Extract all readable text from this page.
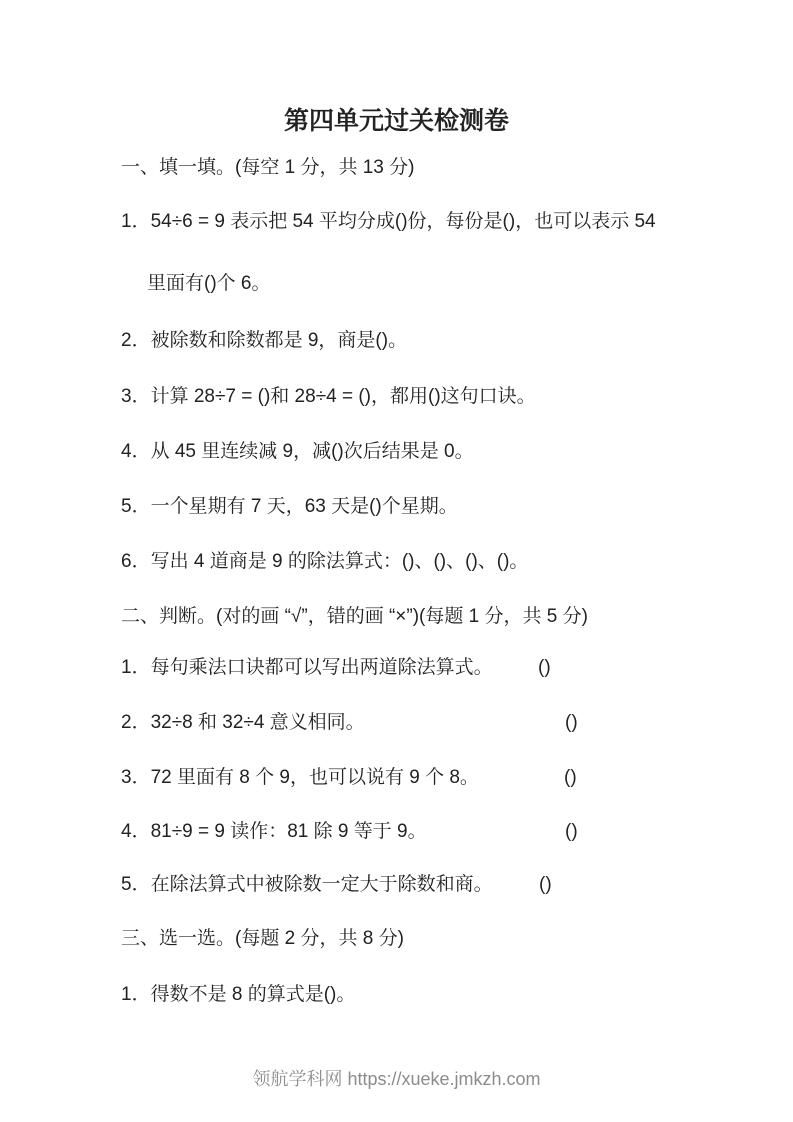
第四单元过关检测卷
一、填一填。(每空 1 分，共 13 分)
1．54÷6 = 9 表示把 54 平均分成()份，每份是()，也可以表示 54
里面有()个 6。
2．被除数和除数都是 9，商是()。
3．计算 28÷7 = ()和 28÷4 = ()，都用()这句口诀。
4．从 45 里连续减 9，减()次后结果是 0。
5．一个星期有 7 天，63 天是()个星期。
6．写出 4 道商是 9 的除法算式：()、()、()、()。
二、判断。(对的画 “√”，错的画 “×”)(每题 1 分，共 5 分)
1．每句乘法口诀都可以写出两道除法算式。 ()
2．32÷8 和 32÷4 意义相同。	()
3．72 里面有 8 个 9，也可以说有 9 个 8。	()
4．81÷9 = 9 读作：81 除 9 等于 9。	()
5．在除法算式中被除数一定大于除数和商。 ()
三、选一选。(每题 2 分，共 8 分)
1．得数不是 8 的算式是()。
领航学科网 https://xueke.jmkzh.com
